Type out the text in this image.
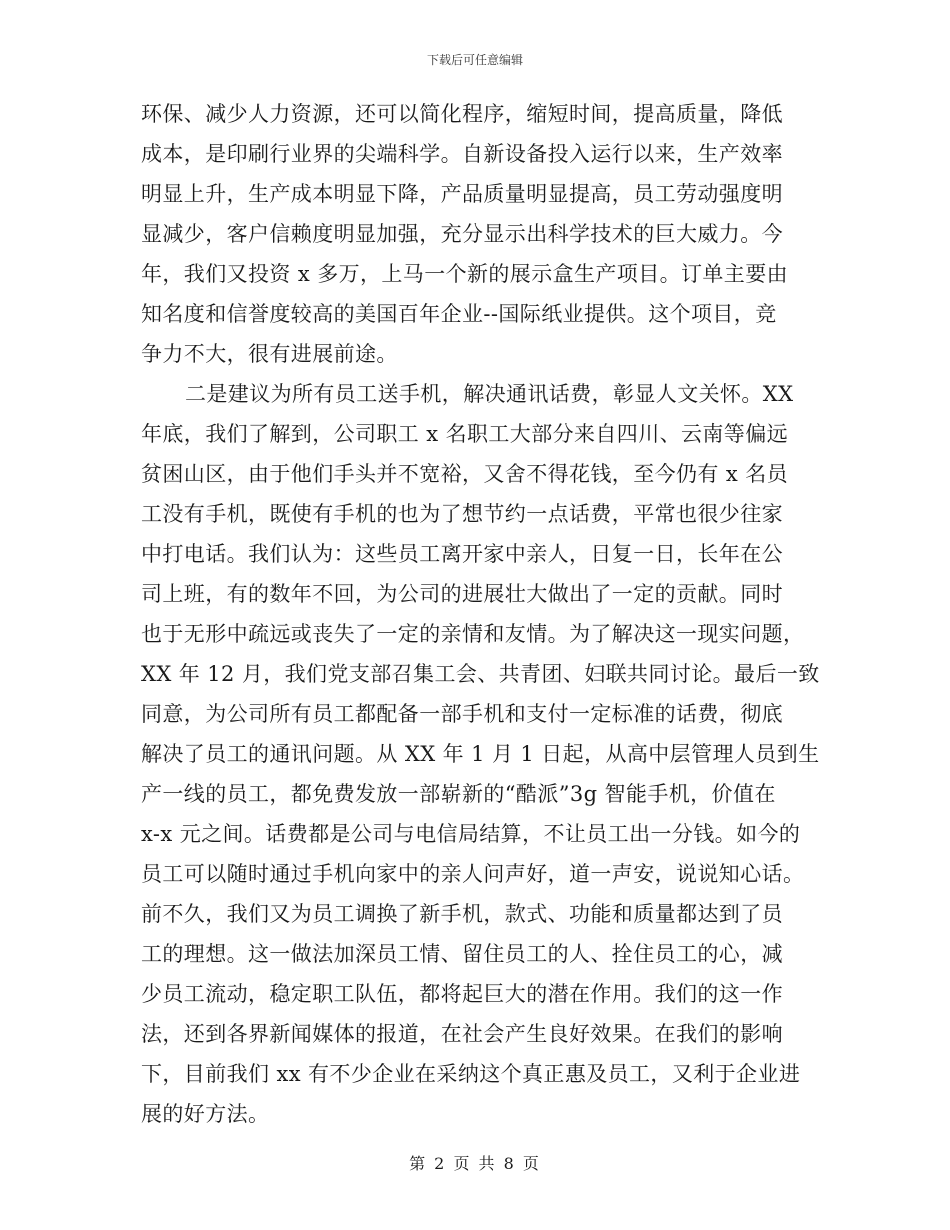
下载后可任意编辑
环保、减少人力资源，还可以简化程序，缩短时间，提高质量，降低
成本，是印刷行业界的尖端科学。自新设备投入运行以来，生产效率
明显上升，生产成本明显下降，产品质量明显提高，员工劳动强度明
显减少，客户信赖度明显加强，充分显示出科学技术的巨大威力。今
年，我们又投资 x 多万，上马一个新的展示盒生产项目。订单主要由
知名度和信誉度较高的美国百年企业--国际纸业提供。这个项目，竞
争力不大，很有进展前途。
二是建议为所有员工送手机，解决通讯话费，彰显人文关怀。XX
年底，我们了解到，公司职工 x 名职工大部分来自四川、云南等偏远
贫困山区，由于他们手头并不宽裕，又舍不得花钱，至今仍有 x 名员
工没有手机，既使有手机的也为了想节约一点话费，平常也很少往家
中打电话。我们认为：这些员工离开家中亲人，日复一日，长年在公
司上班，有的数年不回，为公司的进展壮大做出了一定的贡献。同时
也于无形中疏远或丧失了一定的亲情和友情。为了解决这一现实问题，
XX 年 12 月，我们党支部召集工会、共青团、妇联共同讨论。最后一致
同意，为公司所有员工都配备一部手机和支付一定标准的话费，彻底
解决了员工的通讯问题。从 XX 年 1 月 1 日起，从高中层管理人员到生
产一线的员工，都免费发放一部崭新的“酷派”3g 智能手机，价值在
x-x 元之间。话费都是公司与电信局结算，不让员工出一分钱。如今的
员工可以随时通过手机向家中的亲人问声好，道一声安，说说知心话。
前不久，我们又为员工调换了新手机，款式、功能和质量都达到了员
工的理想。这一做法加深员工情、留住员工的人、拴住员工的心，减
少员工流动，稳定职工队伍，都将起巨大的潜在作用。我们的这一作
法，还到各界新闻媒体的报道，在社会产生良好效果。在我们的影响
下，目前我们 xx 有不少企业在采纳这个真正惠及员工，又利于企业进
展的好方法。
第 2 页 共 8 页
